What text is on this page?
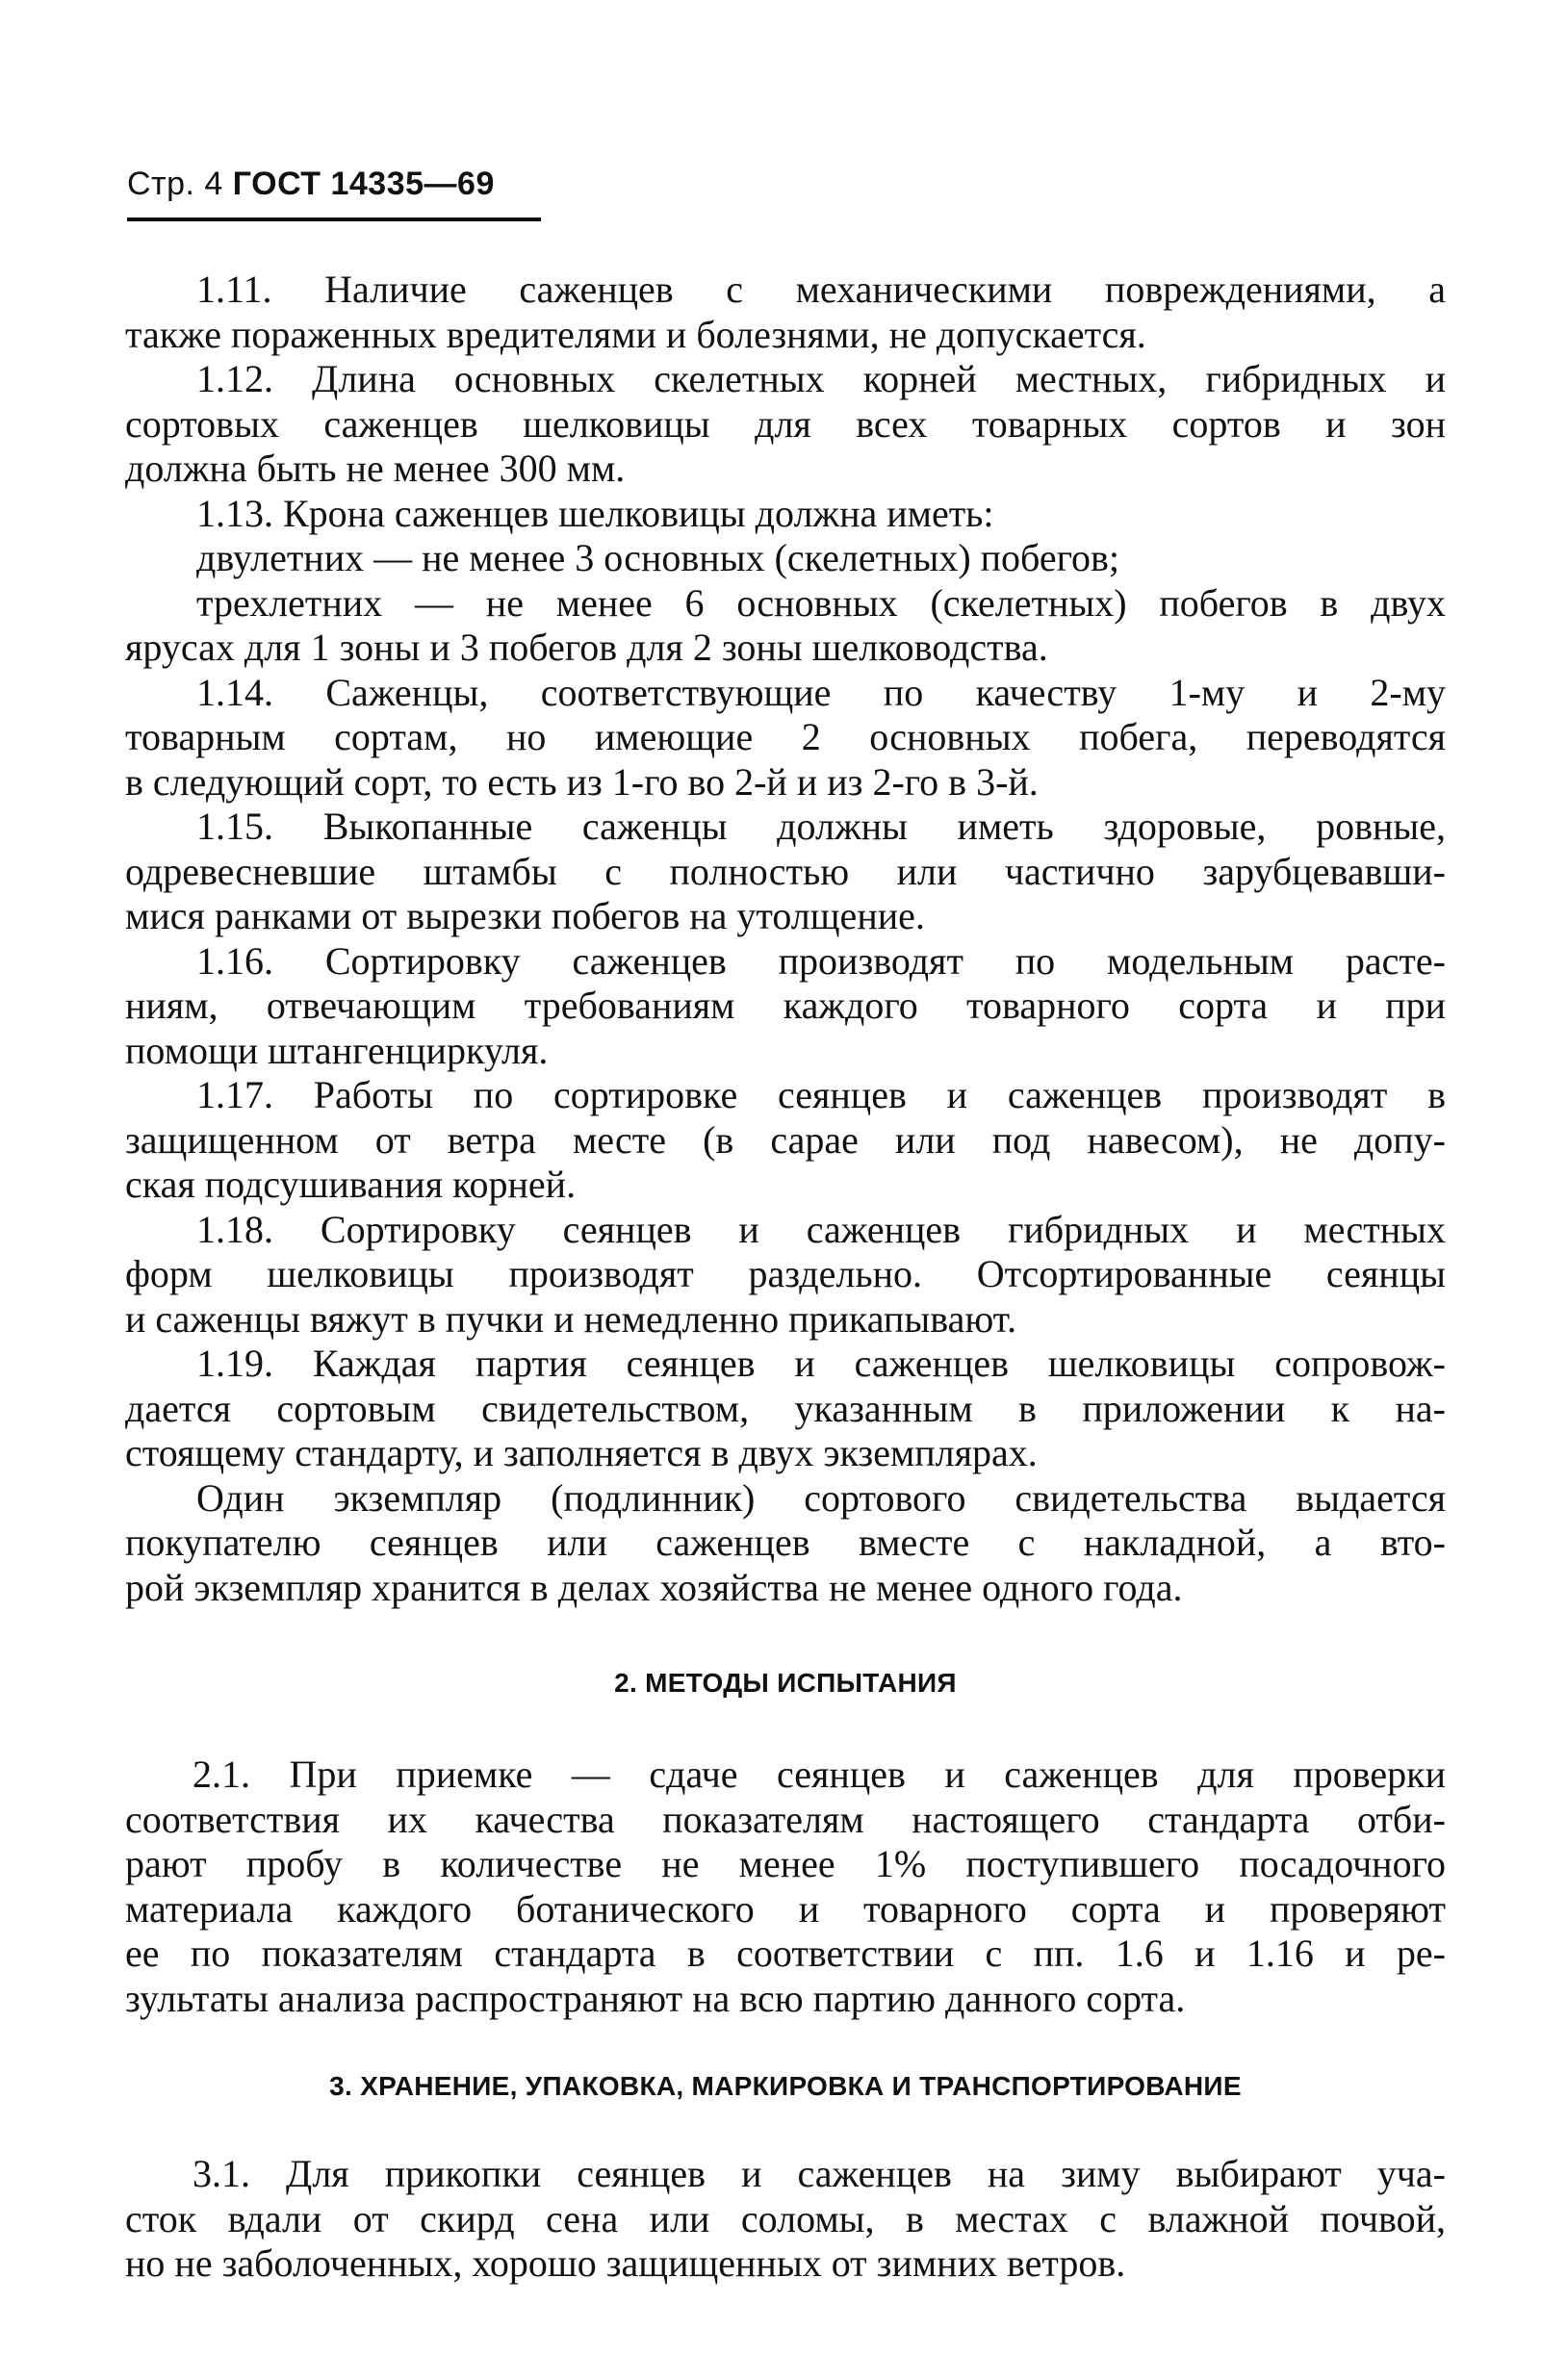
Стр. 4 ГОСТ 14335—69
1.11. Наличие саженцев с механическими повреждениями, а
также пораженных вредителями и болезнями, не допускается.
1.12. Длина основных скелетных корней местных, гибридных и
сортовых саженцев шелковицы для всех товарных сортов и зон
должна быть не менее 300 мм.
1.13. Крона саженцев шелковицы должна иметь:
двулетних — не менее 3 основных (скелетных) побегов;
трехлетних — не менее 6 основных (скелетных) побегов в двух
ярусах для 1 зоны и 3 побегов для 2 зоны шелководства.
1.14. Саженцы, соответствующие по качеству 1-му и 2-му
товарным сортам, но имеющие 2 основных побега, переводятся
в следующий сорт, то есть из 1-го во 2-й и из 2-го в 3-й.
1.15. Выкопанные саженцы должны иметь здоровые, ровные,
одревесневшие штамбы с полностью или частично зарубцевавши-
мися ранками от вырезки побегов на утолщение.
1.16. Сортировку саженцев производят по модельным расте-
ниям, отвечающим требованиям каждого товарного сорта и при
помощи штангенциркуля.
1.17. Работы по сортировке сеянцев и саженцев производят в
защищенном от ветра месте (в сарае или под навесом), не допу-
ская подсушивания корней.
1.18. Сортировку сеянцев и саженцев гибридных и местных
форм шелковицы производят раздельно. Отсортированные сеянцы
и саженцы вяжут в пучки и немедленно прикапывают.
1.19. Каждая партия сеянцев и саженцев шелковицы сопровож-
дается сортовым свидетельством, указанным в приложении к на-
стоящему стандарту, и заполняется в двух экземплярах.
Один экземпляр (подлинник) сортового свидетельства выдается
покупателю сеянцев или саженцев вместе с накладной, а вто-
рой экземпляр хранится в делах хозяйства не менее одного года.
2. МЕТОДЫ ИСПЫТАНИЯ
2.1. При приемке — сдаче сеянцев и саженцев для проверки
соответствия их качества показателям настоящего стандарта отби-
рают пробу в количестве не менее 1% поступившего посадочного
материала каждого ботанического и товарного сорта и проверяют
ее по показателям стандарта в соответствии с пп. 1.6 и 1.16 и ре-
зультаты анализа распространяют на всю партию данного сорта.
3. ХРАНЕНИЕ, УПАКОВКА, МАРКИРОВКА И ТРАНСПОРТИРОВАНИЕ
3.1. Для прикопки сеянцев и саженцев на зиму выбирают уча-
сток вдали от скирд сена или соломы, в местах с влажной почвой,
но не заболоченных, хорошо защищенных от зимних ветров.
